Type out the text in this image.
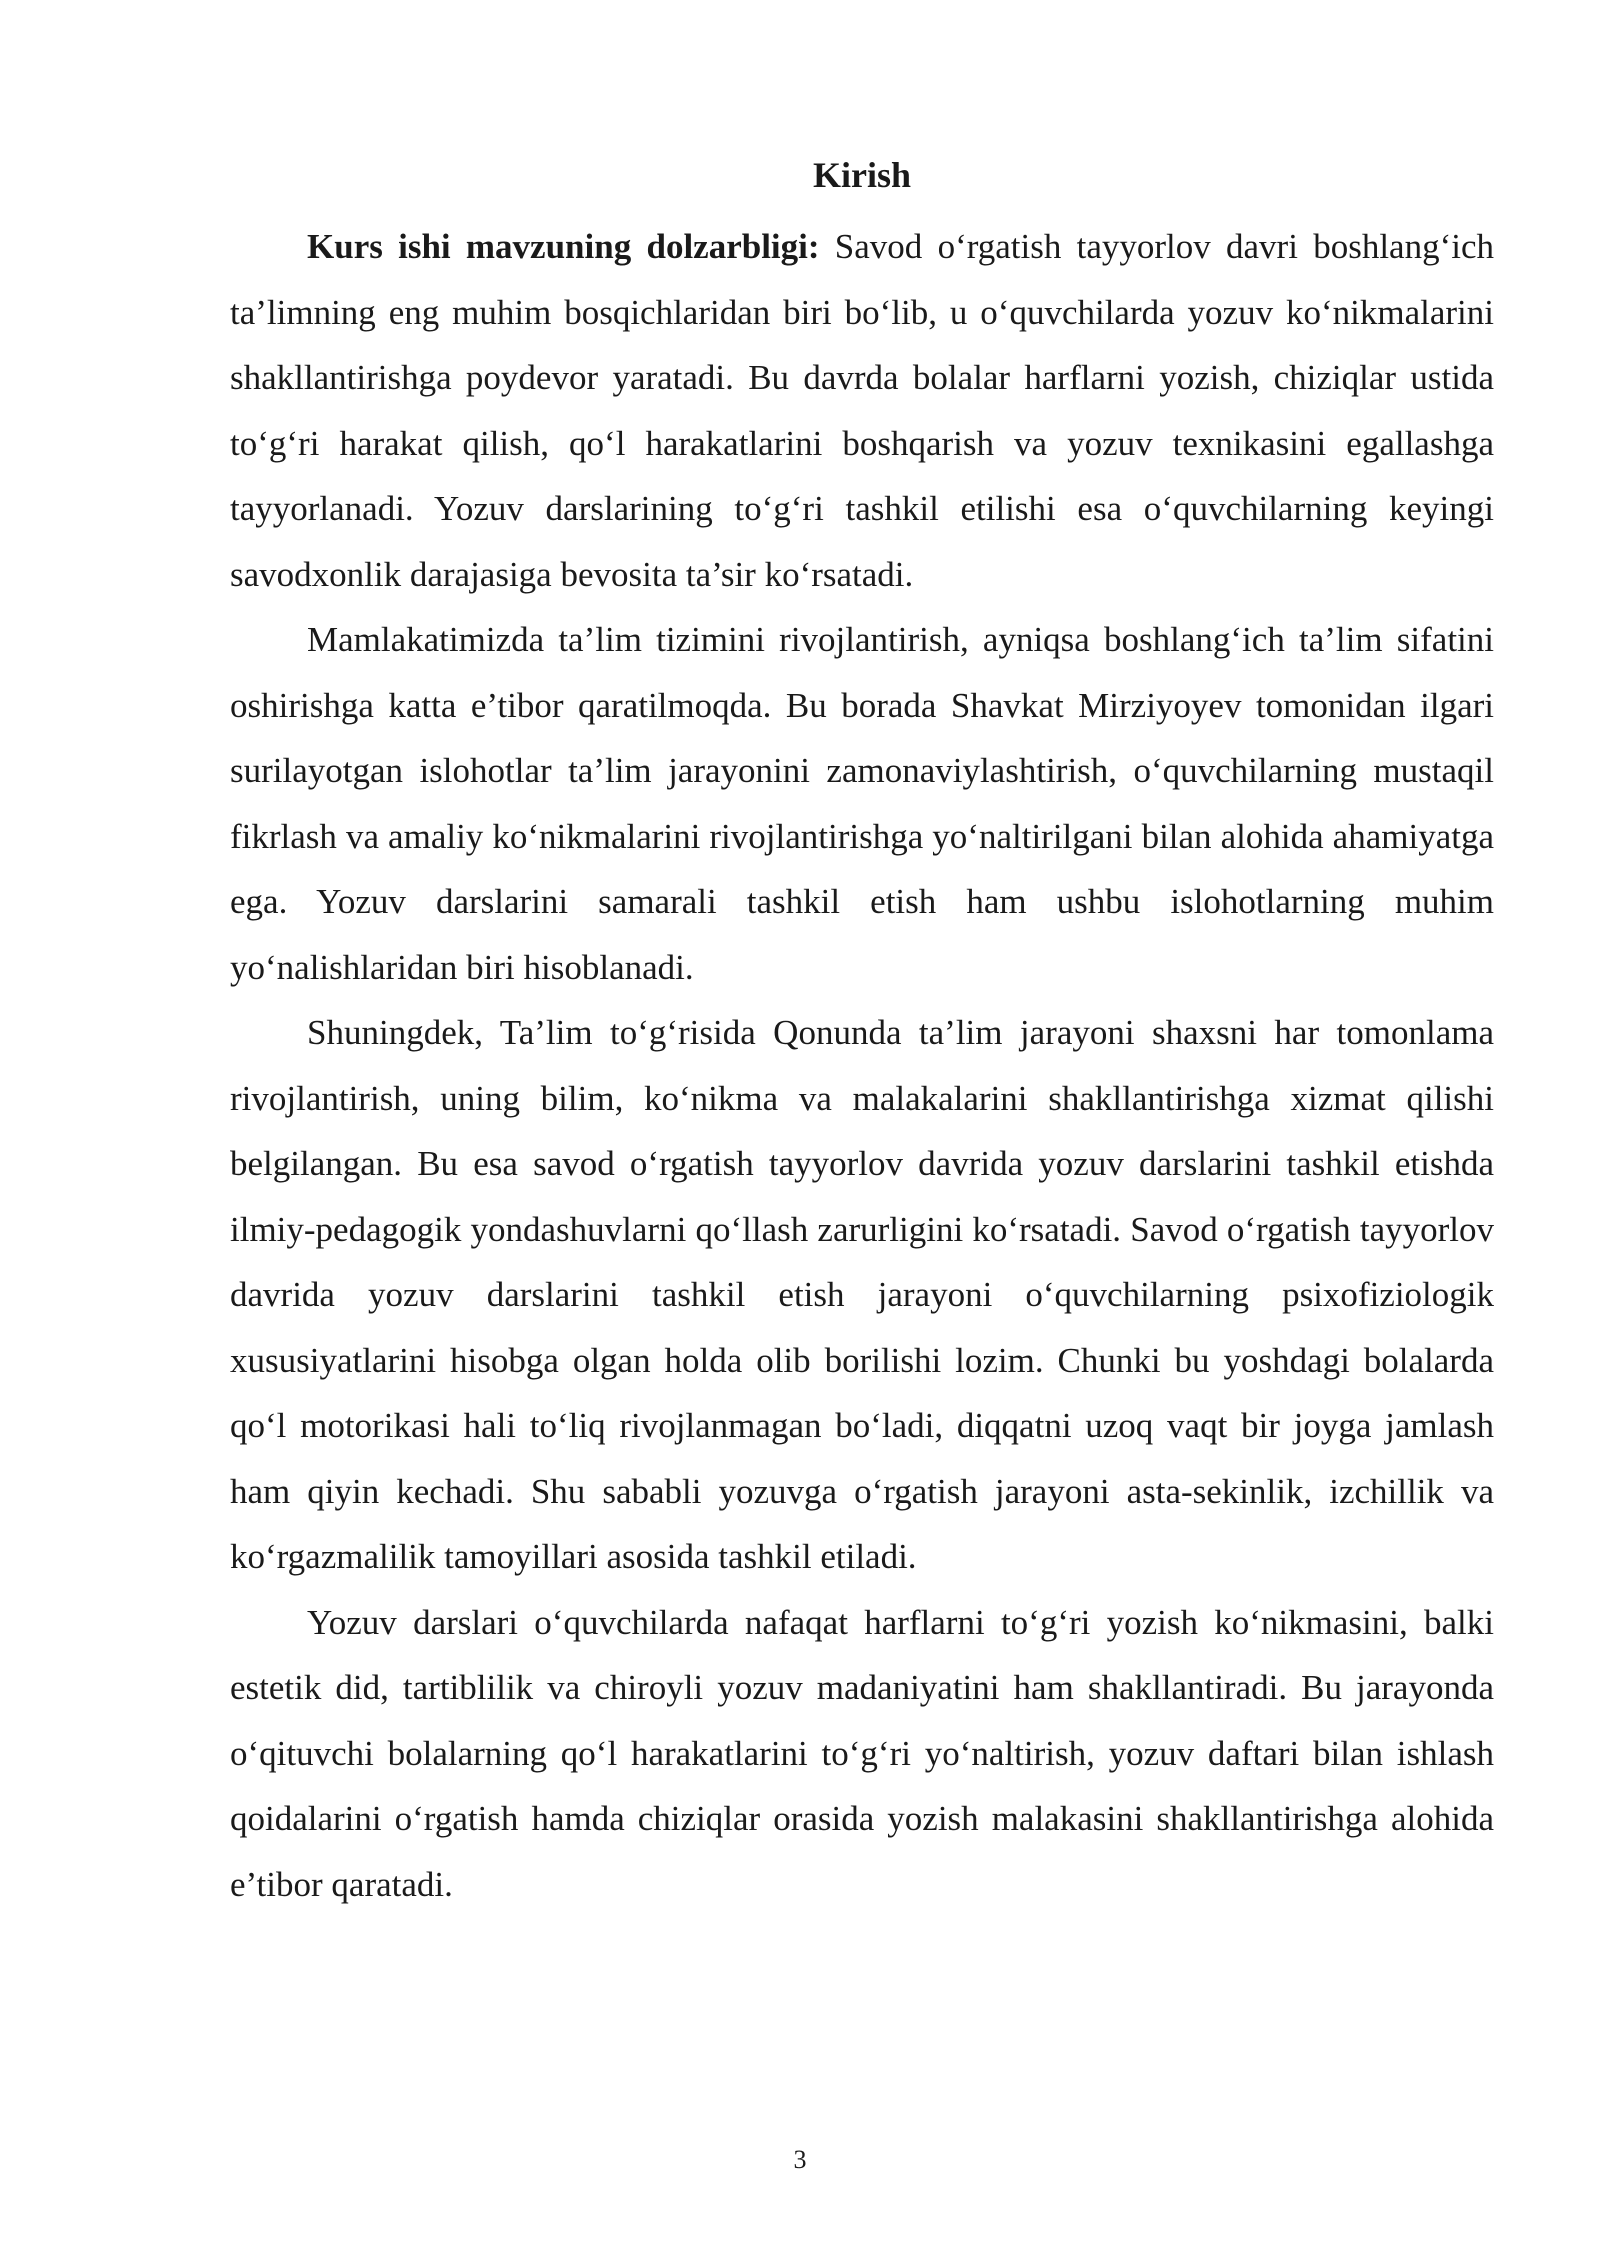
Kirish

Kurs ishi mavzuning dolzarbligi: Savod o‘rgatish tayyorlov davri boshlang‘ich ta’limning eng muhim bosqichlaridan biri bo‘lib, u o‘quvchilarda yozuv ko‘nikmalarini shakllantirishga poydevor yaratadi. Bu davrda bolalar harflarni yozish, chiziqlar ustida to‘g‘ri harakat qilish, qo‘l harakatlarini boshqarish va yozuv texnikasini egallashga tayyorlanadi. Yozuv darslarining to‘g‘ri tashkil etilishi esa o‘quvchilarning keyingi savodxonlik darajasiga bevosita ta’sir ko‘rsatadi.

Mamlakatimizda ta’lim tizimini rivojlantirish, ayniqsa boshlang‘ich ta’lim sifatini oshirishga katta e’tibor qaratilmoqda. Bu borada Shavkat Mirziyoyev tomonidan ilgari surilayotgan islohotlar ta’lim jarayonini zamonaviylashtirish, o‘quvchilarning mustaqil fikrlash va amaliy ko‘nikmalarini rivojlantirishga yo‘naltirilgani bilan alohida ahamiyatga ega. Yozuv darslarini samarali tashkil etish ham ushbu islohotlarning muhim yo‘nalishlaridan biri hisoblanadi.

Shuningdek, Ta’lim to‘g‘risida Qonunda ta’lim jarayoni shaxsni har tomonlama rivojlantirish, uning bilim, ko‘nikma va malakalarini shakllantirishga xizmat qilishi belgilangan. Bu esa savod o‘rgatish tayyorlov davrida yozuv darslarini tashkil etishda ilmiy-pedagogik yondashuvlarni qo‘llash zarurligini ko‘rsatadi. Savod o‘rgatish tayyorlov davrida yozuv darslarini tashkil etish jarayoni o‘quvchilarning psixofiziologik xususiyatlarini hisobga olgan holda olib borilishi lozim. Chunki bu yoshdagi bolalarda qo‘l motorikasi hali to‘liq rivojlanmagan bo‘ladi, diqqatni uzoq vaqt bir joyga jamlash ham qiyin kechadi. Shu sababli yozuvga o‘rgatish jarayoni asta-sekinlik, izchillik va ko‘rgazmalilik tamoyillari asosida tashkil etiladi.

Yozuv darslari o‘quvchilarda nafaqat harflarni to‘g‘ri yozish ko‘nikmasini, balki estetik did, tartiblilik va chiroyli yozuv madaniyatini ham shakllantiradi. Bu jarayonda o‘qituvchi bolalarning qo‘l harakatlarini to‘g‘ri yo‘naltirish, yozuv daftari bilan ishlash qoidalarini o‘rgatish hamda chiziqlar orasida yozish malakasini shakllantirishga alohida e’tibor qaratadi.

3
